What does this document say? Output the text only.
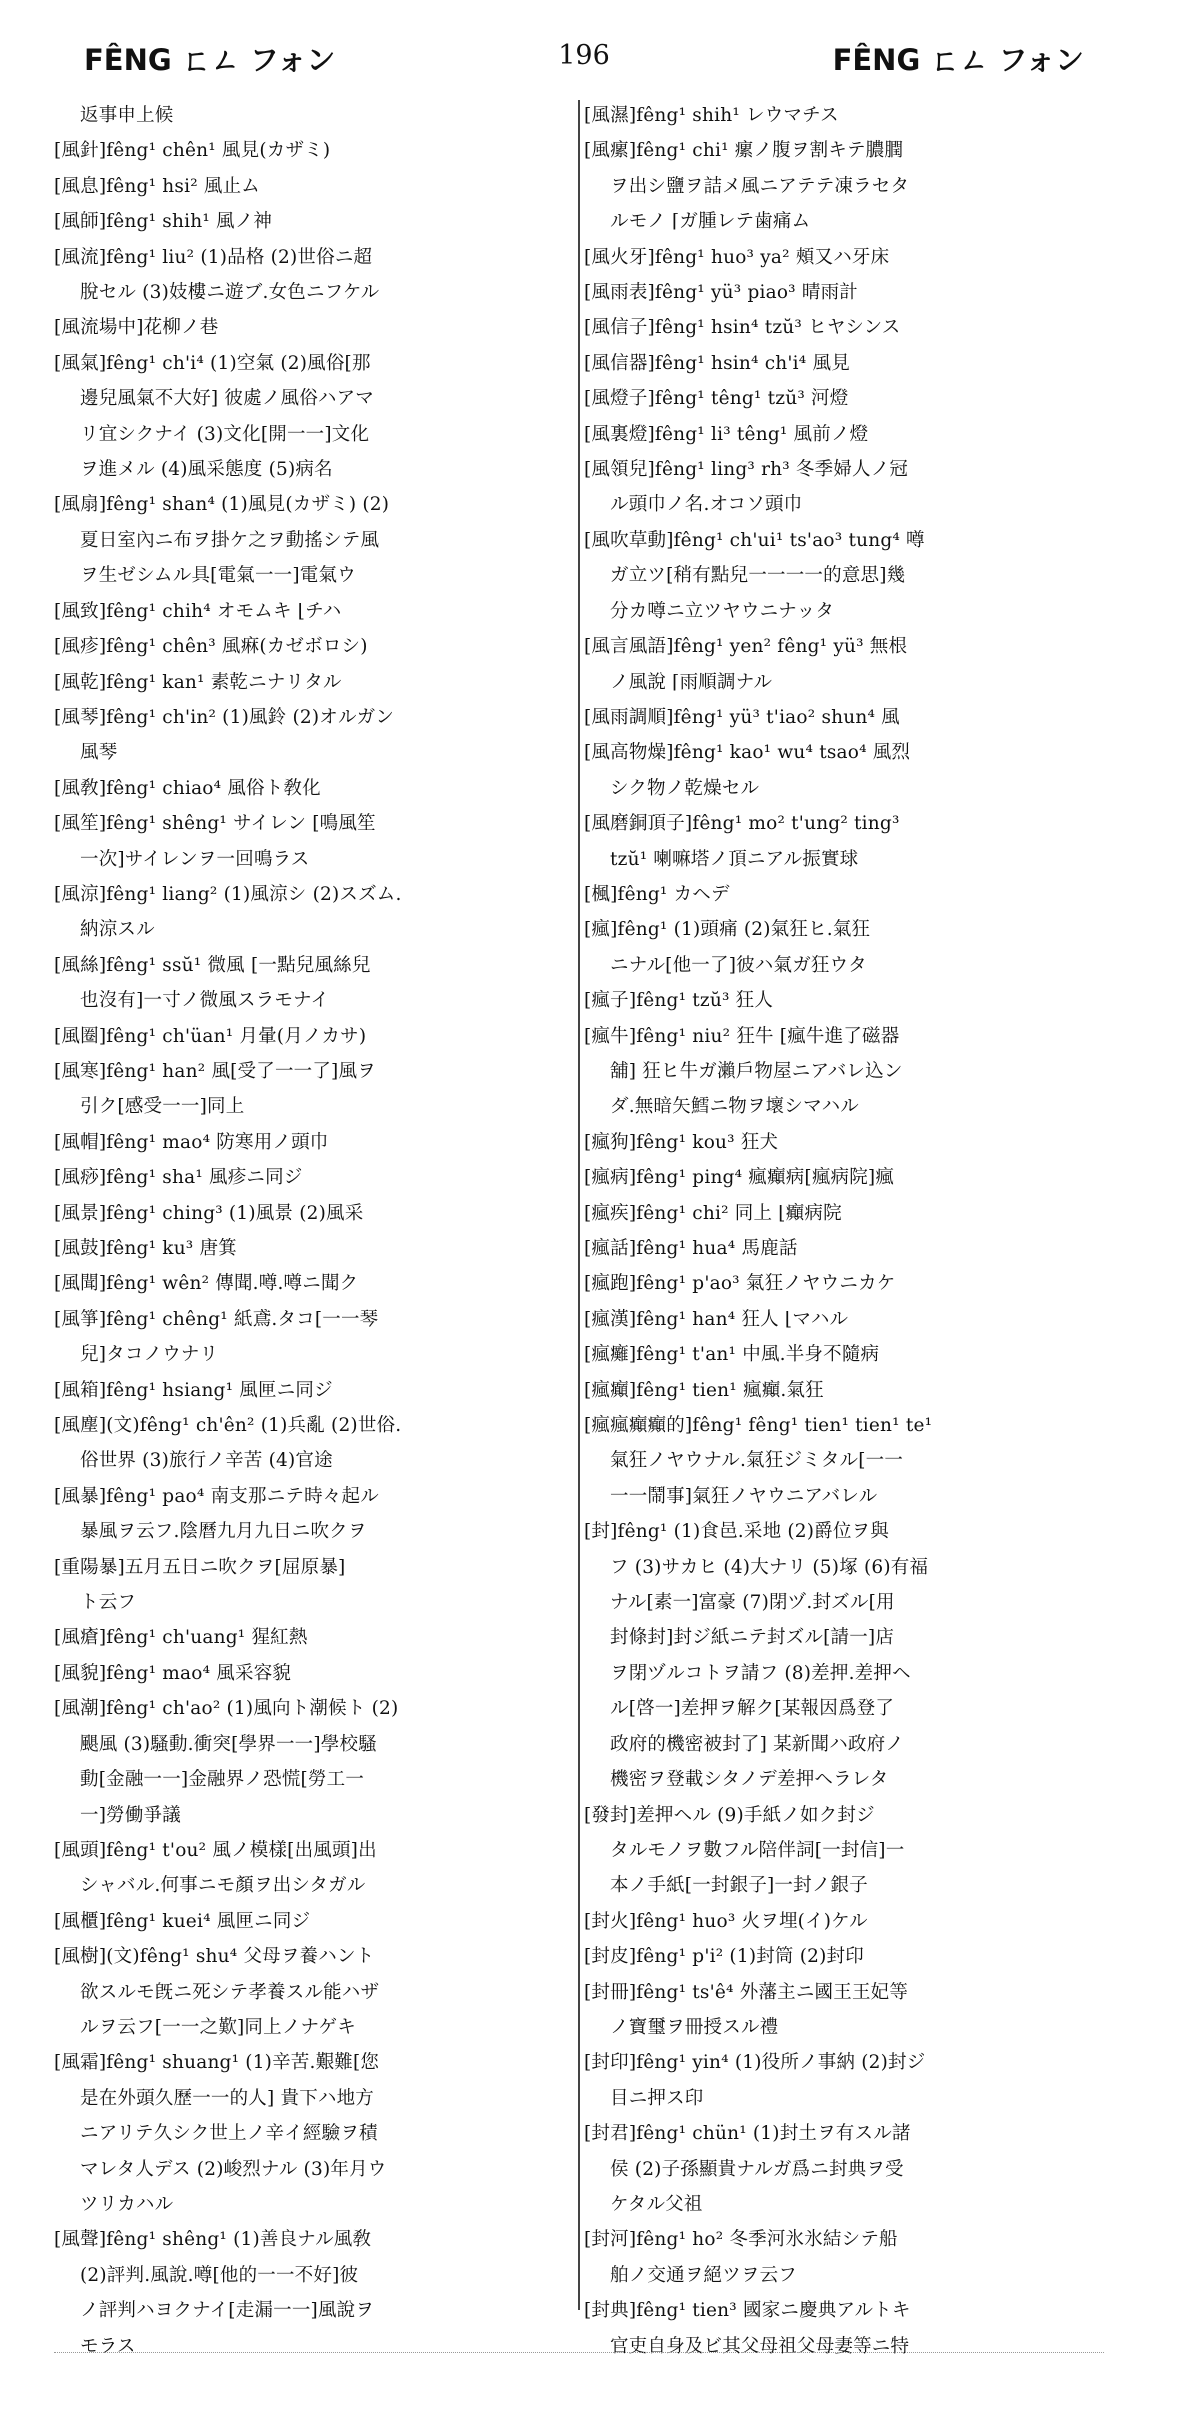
FÊNG ㄈㄥ フォン	196	FÊNG ㄈㄥ フォン
返事申上候
[風針]fêng¹ chên¹ 風見(カザミ)
[風息]fêng¹ hsi² 風止ム
[風師]fêng¹ shih¹ 風ノ神
[風流]fêng¹ liu² (1)品格 (2)世俗ニ超
脫セル (3)妓樓ニ遊ブ.女色ニフケル
[風流場中]花柳ノ巷
[風氣]fêng¹ ch'i⁴ (1)空氣 (2)風俗[那
邊兒風氣不大好] 彼處ノ風俗ハアマ
リ宜シクナイ (3)文化[開一一]文化
ヲ進メル (4)風采態度 (5)病名
[風扇]fêng¹ shan⁴ (1)風見(カザミ) (2)
夏日室內ニ布ヲ掛ケ之ヲ動搖シテ風
ヲ生ゼシムル具[電氣一一]電氣ウ
[風致]fêng¹ chih⁴ オモムキ ⌊チハ
[風疹]fêng¹ chên³ 風痳(カゼボロシ)
[風乾]fêng¹ kan¹ 素乾ニナリタル
[風琴]fêng¹ ch'in² (1)風鈴 (2)オルガン
風琴
[風敎]fêng¹ chiao⁴ 風俗ト敎化
[風笙]fêng¹ shêng¹ サイレン [鳴風笙
一次]サイレンヲ一回鳴ラス
[風涼]fêng¹ liang² (1)風涼シ (2)スズム.
納涼スル
[風絲]fêng¹ ssŭ¹ 微風 [一點兒風絲兒
也沒有]一寸ノ微風スラモナイ
[風圈]fêng¹ ch'üan¹ 月暈(月ノカサ)
[風寒]fêng¹ han² 風[受了一一了]風ヲ
引ク[感受一一]同上
[風帽]fêng¹ mao⁴ 防寒用ノ頭巾
[風痧]fêng¹ sha¹ 風疹ニ同ジ
[風景]fêng¹ ching³ (1)風景 (2)風采
[風鼓]fêng¹ ku³ 唐箕
[風聞]fêng¹ wên² 傳聞.噂.噂ニ聞ク
[風箏]fêng¹ chêng¹ 紙鳶.タコ[一一琴
兒]タコノウナリ
[風箱]fêng¹ hsiang¹ 風匣ニ同ジ
[風塵](文)fêng¹ ch'ên² (1)兵亂 (2)世俗.
俗世界 (3)旅行ノ辛苦 (4)官途
[風暴]fêng¹ pao⁴ 南支那ニテ時々起ル
暴風ヲ云フ.陰曆九月九日ニ吹クヲ
[重陽暴]五月五日ニ吹クヲ[屈原暴]
ト云フ
[風瘡]fêng¹ ch'uang¹ 猩紅熱
[風貌]fêng¹ mao⁴ 風采容貌
[風潮]fêng¹ ch'ao² (1)風向ト潮候ト (2)
颶風 (3)騷動.衝突[學界一一]學校騷
動[金融一一]金融界ノ恐慌[勞工一
一]勞働爭議
[風頭]fêng¹ t'ou² 風ノ模樣[出風頭]出
シャバル.何事ニモ顏ヲ出シタガル
[風櫃]fêng¹ kuei⁴ 風匣ニ同ジ
[風樹](文)fêng¹ shu⁴ 父母ヲ養ハント
欲スルモ旣ニ死シテ孝養スル能ハザ
ルヲ云フ[一一之歎]同上ノナゲキ
[風霜]fêng¹ shuang¹ (1)辛苦.艱難[您
是在外頭久歷一一的人] 貴下ハ地方
ニアリテ久シク世上ノ辛イ經驗ヲ積
マレタ人デス (2)峻烈ナル (3)年月ウ
ツリカハル
[風聲]fêng¹ shêng¹ (1)善良ナル風敎
(2)評判.風說.噂[他的一一不好]彼
ノ評判ハヨクナイ[走漏一一]風說ヲ
モラス
[風濕]fêng¹ shih¹ レウマチス
[風瘰]fêng¹ chi¹ 瘰ノ腹ヲ割キテ膿膶
ヲ出シ鹽ヲ詰メ風ニアテテ凍ラセタ
ルモノ ⌈ガ腫レテ歯痛ム
[風火牙]fêng¹ huo³ ya² 頰又ハ牙床
[風雨表]fêng¹ yü³ piao³ 晴雨計
[風信子]fêng¹ hsin⁴ tzŭ³ ヒヤシンス
[風信器]fêng¹ hsin⁴ ch'i⁴ 風見
[風燈子]fêng¹ têng¹ tzŭ³ 河燈
[風裏燈]fêng¹ li³ têng¹ 風前ノ燈
[風領兒]fêng¹ ling³ rh³ 冬季婦人ノ冠
ル頭巾ノ名.オコソ頭巾
[風吹草動]fêng¹ ch'ui¹ ts'ao³ tung⁴ 噂
ガ立ツ[稍有點兒一一一一的意思]幾
分カ噂ニ立ツヤウニナッタ
[風言風語]fêng¹ yen² fêng¹ yü³ 無根
ノ風說 ⌈雨順調ナル
[風雨調順]fêng¹ yü³ t'iao² shun⁴ 風
[風高物燥]fêng¹ kao¹ wu⁴ tsao⁴ 風烈
シク物ノ乾燥セル
[風磨銅頂子]fêng¹ mo² t'ung² ting³
tzŭ¹ 喇嘛塔ノ頂ニアル振實球
[楓]fêng¹ カヘデ
[瘋]fêng¹ (1)頭痛 (2)氣狂ヒ.氣狂
ニナル[他一了]彼ハ氣ガ狂ウタ
[瘋子]fêng¹ tzŭ³ 狂人
[瘋牛]fêng¹ niu² 狂牛 [瘋牛進了磁器
舖] 狂ヒ牛ガ瀨戶物屋ニアバレ込ン
ダ.無暗矢鱈ニ物ヲ壞シマハル
[瘋狗]fêng¹ kou³ 狂犬
[瘋病]fêng¹ ping⁴ 瘋癲病[瘋病院]瘋
[瘋疾]fêng¹ chi² 同上 ⌊癲病院
[瘋話]fêng¹ hua⁴ 馬鹿話
[瘋跑]fêng¹ p'ao³ 氣狂ノヤウニカケ
[瘋漢]fêng¹ han⁴ 狂人 ⌊マハル
[瘋癱]fêng¹ t'an¹ 中風.半身不隨病
[瘋癲]fêng¹ tien¹ 瘋癲.氣狂
[瘋瘋癲癲的]fêng¹ fêng¹ tien¹ tien¹ te¹
氣狂ノヤウナル.氣狂ジミタル[一一
一一鬧事]氣狂ノヤウニアバレル
[封]fêng¹ (1)食邑.采地 (2)爵位ヲ與
フ (3)サカヒ (4)大ナリ (5)塚 (6)有福
ナル[素一]富豪 (7)閉ヅ.封ズル[用
封條封]封ジ紙ニテ封ズル[請一]店
ヲ閉ヅルコトヲ請フ (8)差押.差押ヘ
ル[啓一]差押ヲ解ク[某報因爲登了
政府的機密被封了] 某新聞ハ政府ノ
機密ヲ登載シタノデ差押ヘラレタ
[發封]差押ヘル (9)手紙ノ如ク封ジ
タルモノヲ數フル陪伴詞[一封信]一
本ノ手紙[一封銀子]一封ノ銀子
[封火]fêng¹ huo³ 火ヲ埋(イ)ケル
[封皮]fêng¹ p'i² (1)封筒 (2)封印
[封冊]fêng¹ ts'ê⁴ 外藩主ニ國王王妃等
ノ寶璽ヲ冊授スル禮
[封印]fêng¹ yin⁴ (1)役所ノ事納 (2)封ジ
目ニ押ス印
[封君]fêng¹ chün¹ (1)封土ヲ有スル諸
侯 (2)子孫顯貴ナルガ爲ニ封典ヲ受
ケタル父祖
[封河]fêng¹ ho² 冬季河氷氷結シテ船
舶ノ交通ヲ絕ツヲ云フ
[封典]fêng¹ tien³ 國家ニ慶典アルトキ
官吏自身及ビ其父母祖父母妻等ニ特
